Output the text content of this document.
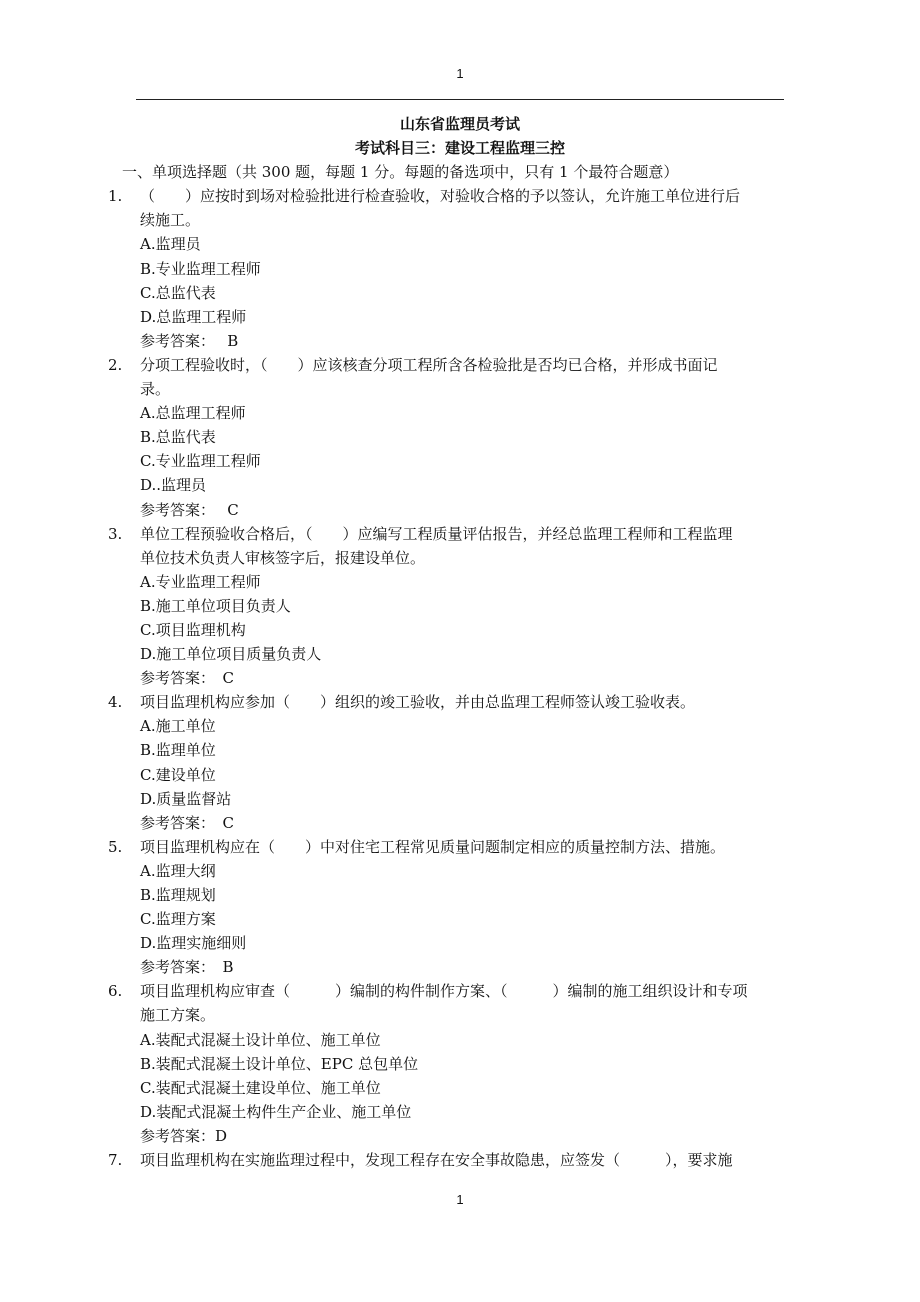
1
山东省监理员考试
考试科目三：建设工程监理三控
一、单项选择题（共 300 题，每题 1 分。每题的备选项中，只有 1 个最符合题意）
1. （　　）应按时到场对检验批进行检查验收，对验收合格的予以签认，允许施工单位进行后
续施工。
A.监理员
B.专业监理工程师
C.总监代表
D.总监理工程师
参考答案：　 B
2. 分项工程验收时，（　　）应该核查分项工程所含各检验批是否均已合格，并形成书面记
录。
A.总监理工程师
B.总监代表
C.专业监理工程师
D..监理员
参考答案：　 C
3. 单位工程预验收合格后，（　　）应编写工程质量评估报告，并经总监理工程师和工程监理
单位技术负责人审核签字后，报建设单位。
A.专业监理工程师
B.施工单位项目负责人
C.项目监理机构
D.施工单位项目质量负责人
参考答案：　C
4. 项目监理机构应参加（　　）组织的竣工验收，并由总监理工程师签认竣工验收表。
A.施工单位
B.监理单位
C.建设单位
D.质量监督站
参考答案：　C
5. 项目监理机构应在（　　）中对住宅工程常见质量问题制定相应的质量控制方法、措施。
A.监理大纲
B.监理规划
C.监理方案
D.监理实施细则
参考答案：　B
6. 项目监理机构应审查（　　　）编制的构件制作方案、（　　　）编制的施工组织设计和专项
施工方案。
A.装配式混凝土设计单位、施工单位
B.装配式混凝土设计单位、EPC 总包单位
C.装配式混凝土建设单位、施工单位
D.装配式混凝土构件生产企业、施工单位
参考答案：D
7. 项目监理机构在实施监理过程中，发现工程存在安全事故隐患，应签发（　　　），要求施
1
